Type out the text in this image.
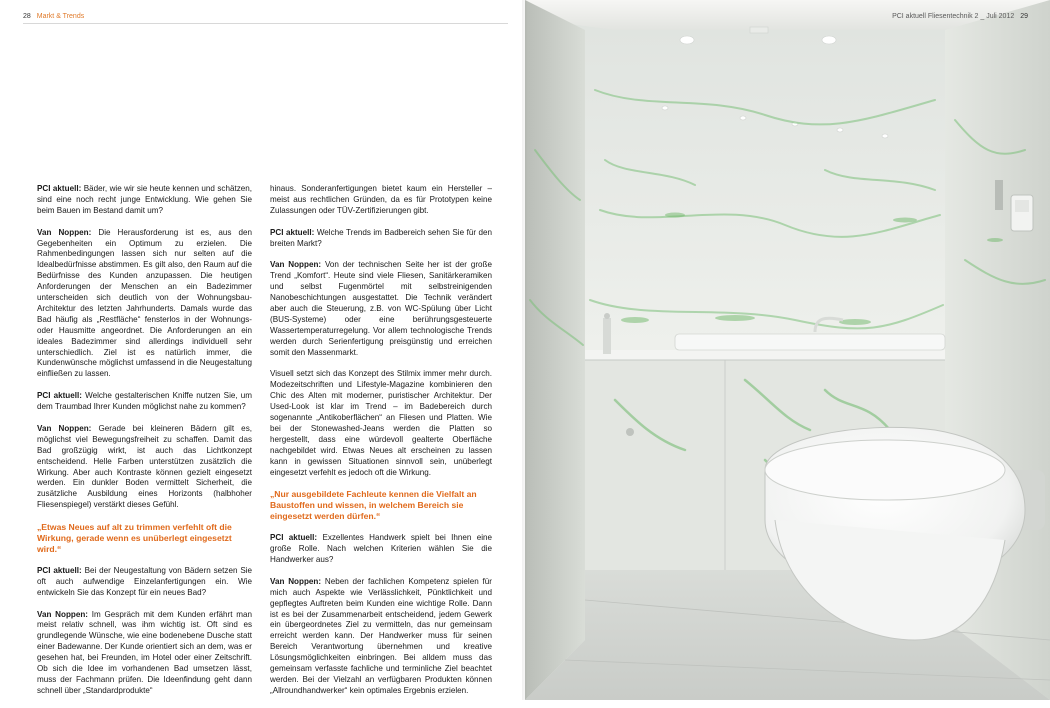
28 Markt & Trends

PCI aktuell: Bäder, wie wir sie heute kennen und schätzen, sind eine noch recht junge Entwicklung. Wie gehen Sie beim Bauen im Bestand damit um?

Van Noppen: Die Herausforderung ist es, aus den Gegebenheiten ein Optimum zu erzielen. Die Rahmenbedingungen lassen sich nur selten auf die Idealbedürfnisse abstimmen. Es gilt also, den Raum auf die Bedürfnisse des Kunden anzupassen. Die heutigen Anforderungen der Menschen an ein Badezimmer unterscheiden sich deutlich von der Wohnungsbau-Architektur des letzten Jahrhunderts. Damals wurde das Bad häufig als „Restfläche“ fensterlos in der Wohnungs- oder Hausmitte angeordnet. Die Anforderungen an ein ideales Badezimmer sind allerdings individuell sehr unterschiedlich. Ziel ist es natürlich immer, die Kundenwünsche möglichst umfassend in die Neugestaltung einfließen zu lassen.

PCI aktuell: Welche gestalterischen Kniffe nutzen Sie, um dem Traumbad Ihrer Kunden möglichst nahe zu kommen?

Van Noppen: Gerade bei kleineren Bädern gilt es, möglichst viel Bewegungsfreiheit zu schaffen. Damit das Bad großzügig wirkt, ist auch das Lichtkonzept entscheidend. Helle Farben unterstützen zusätzlich die Wirkung. Aber auch Kontraste können gezielt eingesetzt werden. Ein dunkler Boden vermittelt Sicherheit, die zusätzliche Ausbildung eines Horizonts (halbhoher Fliesenspiegel) verstärkt dieses Gefühl.

„Etwas Neues auf alt zu trimmen verfehlt oft die Wirkung, gerade wenn es unüberlegt eingesetzt wird.“

PCI aktuell: Bei der Neugestaltung von Bädern setzen Sie oft auch aufwendige Einzelanfertigungen ein. Wie entwickeln Sie das Konzept für ein neues Bad?

Van Noppen: Im Gespräch mit dem Kunden erfährt man meist relativ schnell, was ihm wichtig ist. Oft sind es grundlegende Wünsche, wie eine bodenebene Dusche statt einer Badewanne. Der Kunde orientiert sich an dem, was er gesehen hat, bei Freunden, im Hotel oder einer Zeitschrift. Ob sich die Idee im vorhandenen Bad umsetzen lässt, muss der Fachmann prüfen. Die Ideenfindung geht dann schnell über „Standardprodukte“

hinaus. Sonderanfertigungen bietet kaum ein Hersteller – meist aus rechtlichen Gründen, da es für Prototypen keine Zulassungen oder TÜV-Zertifizierungen gibt.

PCI aktuell: Welche Trends im Badbereich sehen Sie für den breiten Markt?

Van Noppen: Von der technischen Seite her ist der große Trend „Komfort“. Heute sind viele Fliesen, Sanitärkeramiken und selbst Fugenmörtel mit selbstreinigenden Nanobeschichtungen ausgestattet. Die Technik verändert aber auch die Steuerung, z.B. von WC-Spülung über Licht (BUS-Systeme) oder eine berührungsgesteuerte Wassertemperaturregelung. Vor allem technologische Trends werden durch Serienfertigung preisgünstig und erreichen somit den Massenmarkt.

Visuell setzt sich das Konzept des Stilmix immer mehr durch. Modezeitschriften und Lifestyle-Magazine kombinieren den Chic des Alten mit moderner, puristischer Architektur. Der Used-Look ist klar im Trend – im Badebereich durch sogenannte „Antikoberflächen“ an Fliesen und Platten. Wie bei der Stonewashed-Jeans werden die Platten so hergestellt, dass eine würdevoll gealterte Oberfläche nachgebildet wird. Etwas Neues alt erscheinen zu lassen kann in gewissen Situationen sinnvoll sein, unüberlegt eingesetzt verfehlt es jedoch oft die Wirkung.

„Nur ausgebildete Fachleute kennen die Vielfalt an Baustoffen und wissen, in welchem Bereich sie eingesetzt werden dürfen.“

PCI aktuell: Exzellentes Handwerk spielt bei Ihnen eine große Rolle. Nach welchen Kriterien wählen Sie die Handwerker aus?

Van Noppen: Neben der fachlichen Kompetenz spielen für mich auch Aspekte wie Verlässlichkeit, Pünktlichkeit und gepflegtes Auftreten beim Kunden eine wichtige Rolle. Dann ist es bei der Zusammenarbeit entscheidend, jedem Gewerk ein übergeordnetes Ziel zu vermitteln, das nur gemeinsam erreicht werden kann. Der Handwerker muss für seinen Bereich Verantwortung übernehmen und kreative Lösungsmöglichkeiten einbringen. Bei alldem muss das gemeinsam verfasste fachliche und terminliche Ziel beachtet werden. Bei der Vielzahl an verfügbaren Produkten können „Allroundhandwerker“ kein optimales Ergebnis erzielen.

PCI aktuell Fliesentechnik 2 _ Juli 2012 29
